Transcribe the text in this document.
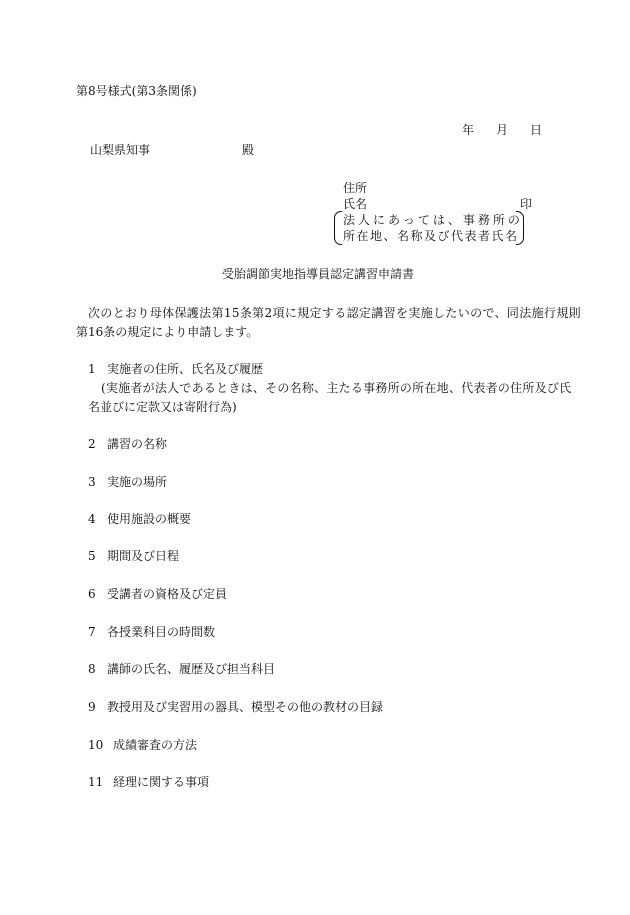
第8号様式(第3条関係)
年 月 日
山梨県知事	殿
住所
氏名	印
法人にあっては、事務所の
所在地、名称及び代表者氏名
受胎調節実地指導員認定講習申請書
次のとおり母体保護法第15条第2項に規定する認定講習を実施したいので、同法施行規則
第16条の規定により申請します。
1 実施者の住所、氏名及び履歴
(実施者が法人であるときは、その名称、主たる事務所の所在地、代表者の住所及び氏
名並びに定款又は寄附行為)
2 講習の名称
3 実施の場所
4 使用施設の概要
5 期間及び日程
6 受講者の資格及び定員
7 各授業科目の時間数
8 講師の氏名、履歴及び担当科目
9 教授用及び実習用の器具、模型その他の教材の目録
10 成績審査の方法
11 経理に関する事項
